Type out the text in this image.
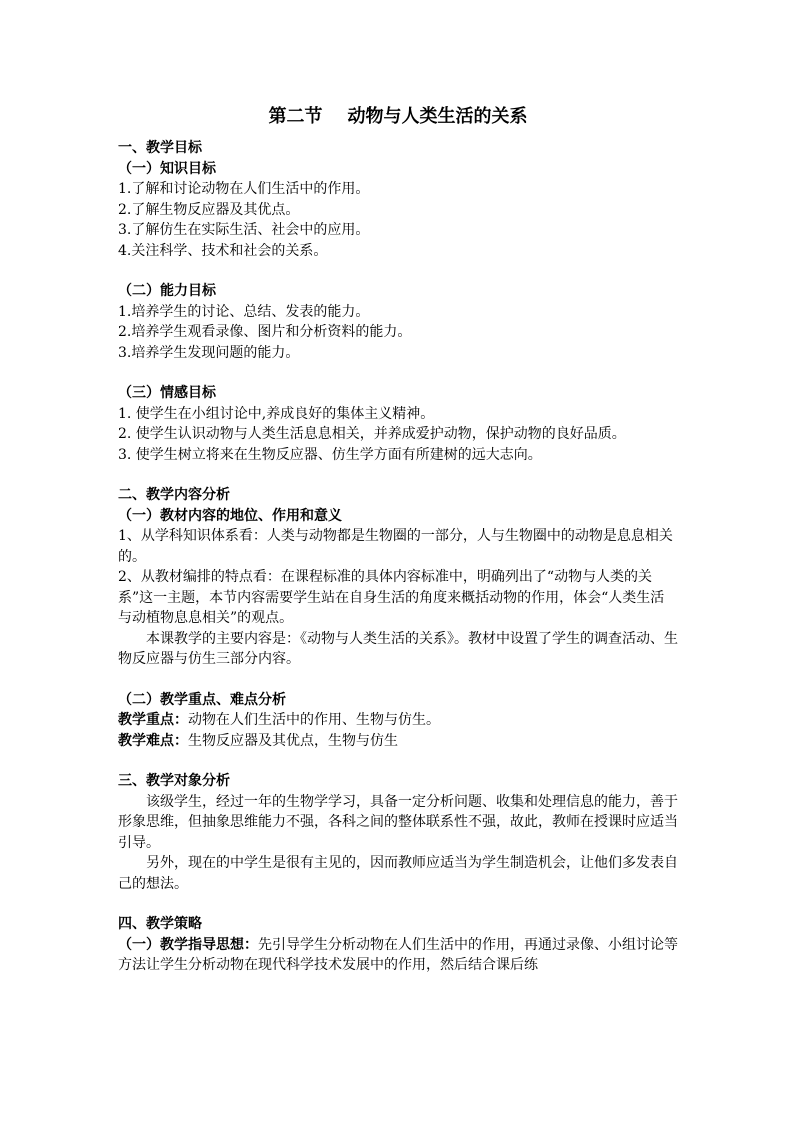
第二节    动物与人类生活的关系
一、教学目标
（一）知识目标
1.了解和讨论动物在人们生活中的作用。
2.了解生物反应器及其优点。
3.了解仿生在实际生活、社会中的应用。
4.关注科学、技术和社会的关系。
（二）能力目标
1.培养学生的讨论、总结、发表的能力。
2.培养学生观看录像、图片和分析资料的能力。
3.培养学生发现问题的能力。
（三）情感目标
1. 使学生在小组讨论中,养成良好的集体主义精神。
2. 使学生认识动物与人类生活息息相关，并养成爱护动物，保护动物的良好品质。
3. 使学生树立将来在生物反应器、仿生学方面有所建树的远大志向。
二、教学内容分析
（一）教材内容的地位、作用和意义
1、从学科知识体系看：人类与动物都是生物圈的一部分，人与生物圈中的动物是息息相关的。
2、从教材编排的特点看：在课程标准的具体内容标准中，明确列出了“动物与人类的关系”这一主题，本节内容需要学生站在自身生活的角度来概括动物的作用，体会“人类生活与动植物息息相关”的观点。
本课教学的主要内容是：《动物与人类生活的关系》。教材中设置了学生的调查活动、生物反应器与仿生三部分内容。
（二）教学重点、难点分析
教学重点：动物在人们生活中的作用、生物与仿生。
教学难点：生物反应器及其优点，生物与仿生
三、教学对象分析
该级学生，经过一年的生物学学习，具备一定分析问题、收集和处理信息的能力，善于形象思维，但抽象思维能力不强，各科之间的整体联系性不强，故此，教师在授课时应适当引导。
另外，现在的中学生是很有主见的，因而教师应适当为学生制造机会，让他们多发表自己的想法。
四、教学策略
（一）教学指导思想：先引导学生分析动物在人们生活中的作用，再通过录像、小组讨论等方法让学生分析动物在现代科学技术发展中的作用，然后结合课后练
